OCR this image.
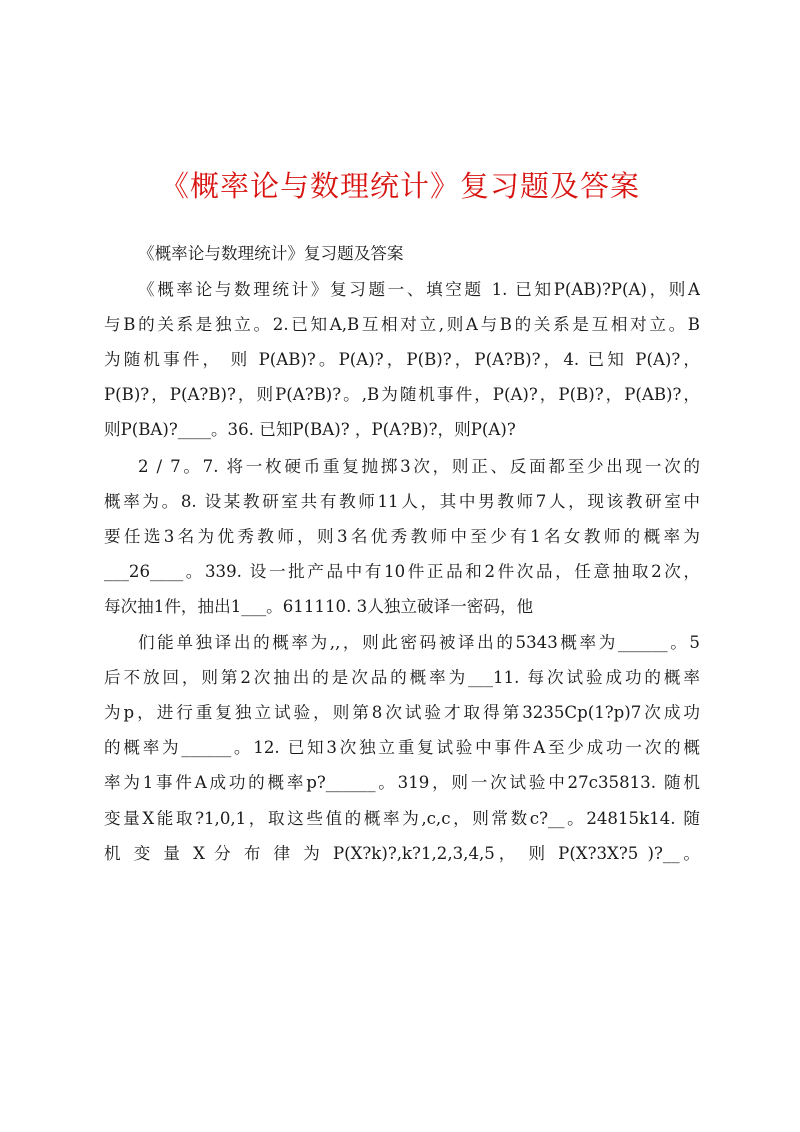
《概率论与数理统计》复习题及答案
《概率论与数理统计》复习题及答案
《概率论与数理统计》复习题一、填空题 1. 已知P(AB)?P(A)，则A
与B的关系是独立。2.已知A,B互相对立,则A与B的关系是互相对立。B
为随机事件， 则 P(AB)?。P(A)?，P(B)?，P(A?B)?，4. 已知 P(A)?，
P(B)?，P(A?B)?，则P(A?B)?。,B为随机事件，P(A)?，P(B)?，P(AB)?，
则P(BA)?____。36. 已知P(BA)? ，P(A?B)?，则P(A)?
2 / 7。7. 将一枚硬币重复抛掷3次，则正、反面都至少出现一次的
概率为。8. 设某教研室共有教师11人，其中男教师7人，现该教研室中
要任选3名为优秀教师，则3名优秀教师中至少有1名女教师的概率为
___26____。339. 设一批产品中有10件正品和2件次品，任意抽取2次，
每次抽1件，抽出1___。611110. 3人独立破译一密码，他
们能单独译出的概率为,,，则此密码被译出的5343概率为______。5
后不放回，则第2次抽出的是次品的概率为___11. 每次试验成功的概率
为p，进行重复独立试验，则第8次试验才取得第3235Cp(1?p)7次成功
的概率为______。12. 已知3次独立重复试验中事件A至少成功一次的概
率为1事件A成功的概率p?______。319，则一次试验中27c35813. 随机
变量X能取?1,0,1，取这些值的概率为,c,c，则常数c?__。24815k14. 随
机 变 量 X 分 布 律 为 P(X?k)?,k?1,2,3,4,5， 则 P(X?3X?5 )?__。
